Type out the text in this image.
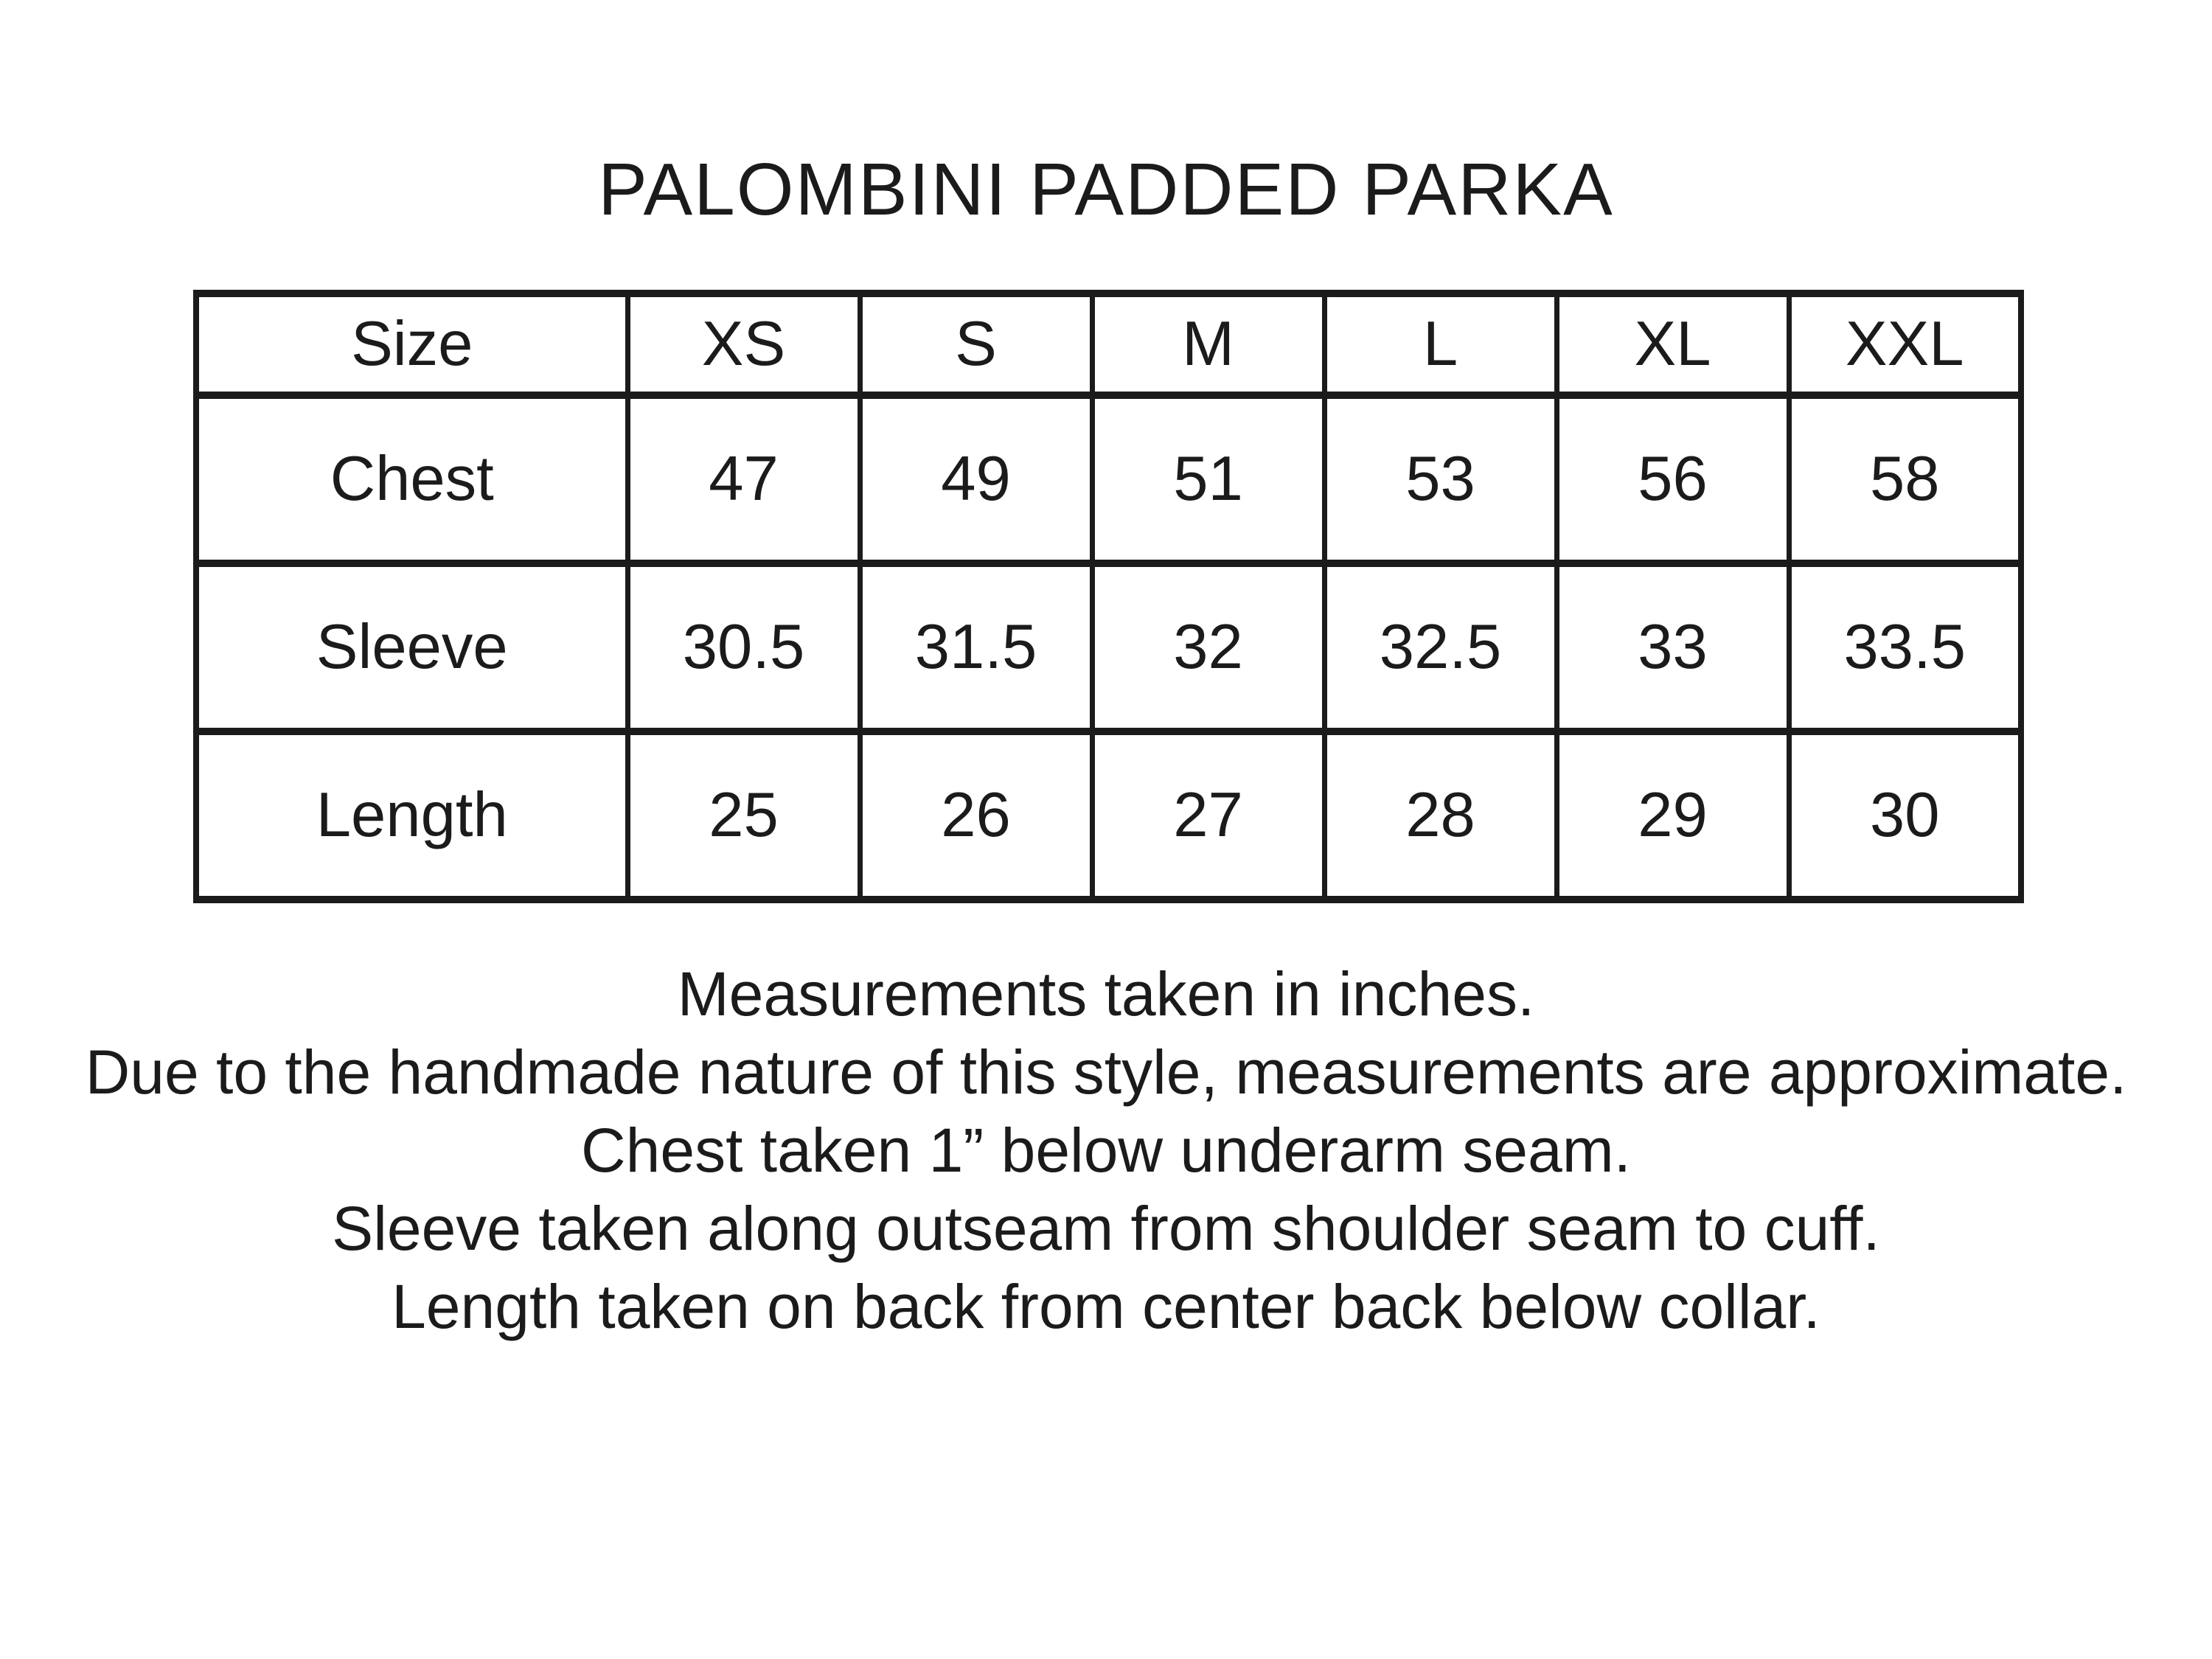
PALOMBINI PADDED PARKA
Size	XS	S	M	L	XL	XXL
Chest	47	49	51	53	56	58
Sleeve	30.5	31.5	32	32.5	33	33.5
Length	25	26	27	28	29	30
Measurements taken in inches.
Due to the handmade nature of this style, measurements are approximate.
Chest taken 1” below underarm seam.
Sleeve taken along outseam from shoulder seam to cuff.
Length taken on back from center back below collar.
